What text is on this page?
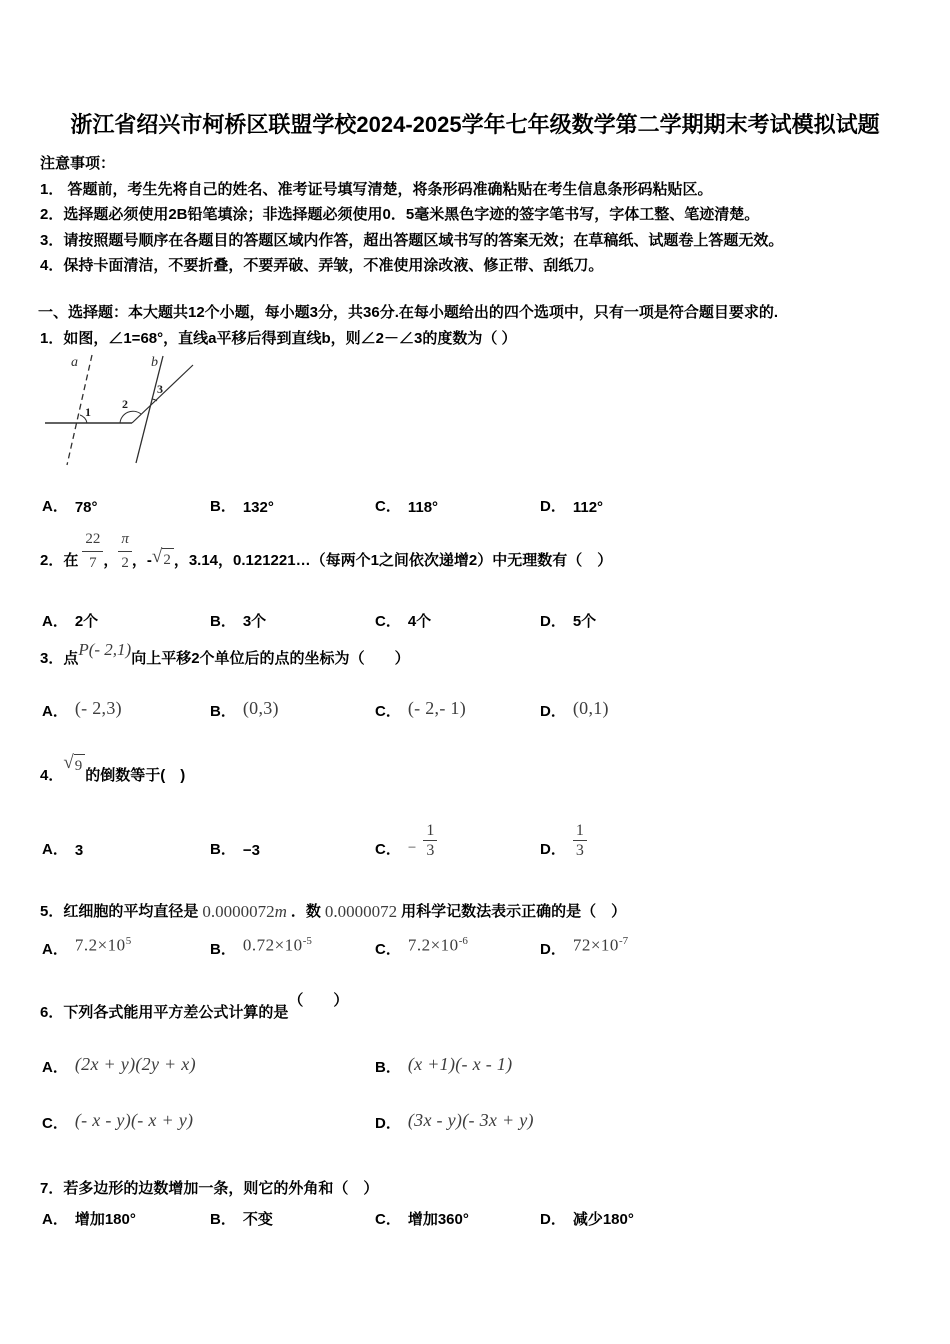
浙江省绍兴市柯桥区联盟学校2024-2025学年七年级数学第二学期期末考试模拟试题

注意事项：

1． 答题前，考生先将自己的姓名、准考证号填写清楚，将条形码准确粘贴在考生信息条形码粘贴区。

2．选择题必须使用2B铅笔填涂；非选择题必须使用0．5毫米黑色字迹的签字笔书写，字体工整、笔迹清楚。

3．请按照题号顺序在各题目的答题区域内作答，超出答题区域书写的答案无效；在草稿纸、试题卷上答题无效。

4．保持卡面清洁，不要折叠，不要弄破、弄皱，不准使用涂改液、修正带、刮纸刀。

一、选择题：本大题共12个小题，每小题3分，共36分.在每小题给出的四个选项中，只有一项是符合题目要求的.
1．如图，∠1=68°，直线a平移后得到直线b，则∠2－∠3的度数为（ ）
a	b
1
2
3
A． 78°	B． 132°	C． 118°	D． 112°
2．在 $\frac{22}{7}$ ， $\frac{\pi}{2}$ ，- √ 2 ，3.14，0.121221…（每两个1之间依次递增2）中无理数有（　）
A． 2个	B． 3个	C． 4个	D． 5个
3．点 P(- 2,1) 向上平移2个单位后的点的坐标为（　　）
A． (- 2,3)	B． (0,3)	C． (- 2,- 1)	D． (0,1)
4．
√ 9
的倒数等于(　)
A． 3	B． −3	C． − $\frac{1}{3}$	D． $\frac{1}{3}$
5．红细胞的平均直径是 0.0000072 m ．数 0.0000072 用科学记数法表示正确的是（　）
A． $7.2\times 10^5$	B． $0.72\times 10^{-5}$	C． $7.2\times 10^{-6}$	D． $72\times 10^{-7}$
6．下列各式能用平方差公式计算的是
（　　）
A． (2x + y)(2y + x)	B． (x +1)(- x - 1)
C． (- x - y)(- x + y)	D． (3x - y)(- 3x + y)
7．若多边形的边数增加一条，则它的外角和（　）
A． 增加180°	B． 不变	C． 增加360°	D． 减少180°
